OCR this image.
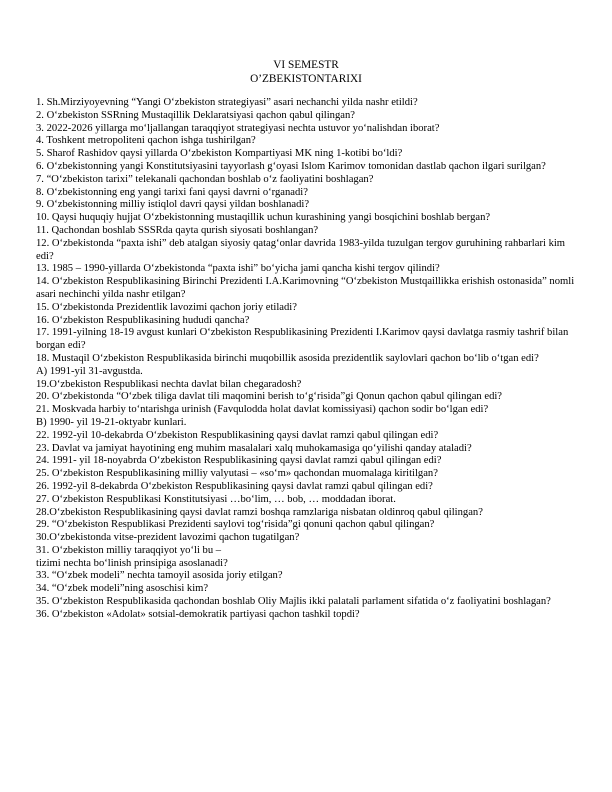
VI SEMESTR
O’ZBEKISTONTARIXI
1. Sh.Mirziyoyevning “Yangi O‘zbekiston strategiyasi” asari nechanchi yilda nashr etildi?
2. O‘zbekiston SSRning Mustaqillik Deklaratsiyasi qachon qabul qilingan?
3. 2022-2026 yillarga mo‘ljallangan taraqqiyot strategiyasi nechta ustuvor yo‘nalishdan iborat?
4. Toshkent metropoliteni qachon ishga tushirilgan?
5. Sharof Rashidov qaysi yillarda O‘zbekiston Kompartiyasi MK ning 1-kotibi bo‘ldi?
6. O‘zbekistonning yangi Konstitutsiyasini tayyorlash g‘oyasi Islom Karimov tomonidan dastlab qachon ilgari surilgan?
7. “O‘zbekiston tarixi” telekanali qachondan boshlab o‘z faoliyatini boshlagan?
8. O‘zbekistonning eng yangi tarixi fani qaysi davrni o‘rganadi?
9. O‘zbekistonning milliy istiqlol davri qaysi yildan boshlanadi?
10. Qaysi huquqiy hujjat O‘zbekistonning mustaqillik uchun kurashining yangi bosqichini boshlab bergan?
11. Qachondan boshlab SSSRda qayta qurish siyosati boshlangan?
12. O‘zbekistonda “paxta ishi” deb atalgan siyosiy qatag‘onlar davrida 1983-yilda tuzulgan tergov guruhining rahbarlari kim edi?
13. 1985 – 1990-yillarda O‘zbekistonda “paxta ishi” bo‘yicha jami qancha kishi tergov qilindi?
14. O‘zbekiston Respublikasining Birinchi Prezidenti I.A.Karimovning “O‘zbekiston Mustqaillikka erishish ostonasida” nomli asari nechinchi yilda nashr etilgan?
15. O‘zbekistonda Prezidentlik lavozimi qachon joriy etiladi?
16. O‘zbekiston Respublikasining hududi qancha?
17. 1991-yilning 18-19 avgust kunlari O‘zbekiston Respublikasining Prezidenti I.Karimov qaysi davlatga rasmiy tashrif bilan borgan edi?
18. Mustaqil O‘zbekiston Respublikasida birinchi muqobillik asosida prezidentlik saylovlari qachon bo‘lib o‘tgan edi?
A) 1991-yil 31-avgustda.
19.O‘zbekiston Respublikasi nechta davlat bilan chegaradosh?
20. O‘zbekistonda “O‘zbek tiliga davlat tili maqomini berish to‘g‘risida”gi Qonun qachon qabul qilingan edi?
21. Moskvada harbiy to‘ntarishga urinish (Favqulodda holat davlat komissiyasi) qachon sodir bo‘lgan edi?
B) 1990- yil 19-21-oktyabr kunlari.
22. 1992-yil 10-dekabrda O‘zbekiston Respublikasining qaysi davlat ramzi qabul qilingan edi?
23. Davlat va jamiyat hayotining eng muhim masalalari xalq muhokamasiga qo‘yilishi qanday ataladi?
24. 1991- yil 18-noyabrda O‘zbekiston Respublikasining qaysi davlat ramzi qabul qilingan edi?
25. O‘zbekiston Respublikasining milliy valyutasi – «so‘m» qachondan muomalaga kiritilgan?
26. 1992-yil 8-dekabrda O‘zbekiston Respublikasining qaysi davlat ramzi qabul qilingan edi?
27. O‘zbekiston Respublikasi Konstitutsiyasi …bo‘lim, … bob, … moddadan iborat.
28.O‘zbekiston Respublikasining qaysi davlat ramzi boshqa ramzlariga nisbatan oldinroq qabul qilingan?
29. “O‘zbekiston Respublikasi Prezidenti saylovi tog‘risida”gi qonuni qachon qabul qilingan?
30.O‘zbekistonda vitse-prezident lavozimi qachon tugatilgan?
31. O‘zbekiston milliy taraqqiyot yo‘li bu –
tizimi nechta bo‘linish prinsipiga asoslanadi?
33. “O‘zbek modeli” nechta tamoyil asosida joriy etilgan?
34. “O‘zbek modeli”ning asoschisi kim?
35. O‘zbekiston Respublikasida qachondan boshlab Oliy Majlis ikki palatali parlament sifatida o‘z faoliyatini boshlagan?
36. O‘zbekiston «Adolat» sotsial-demokratik partiyasi qachon tashkil topdi?
